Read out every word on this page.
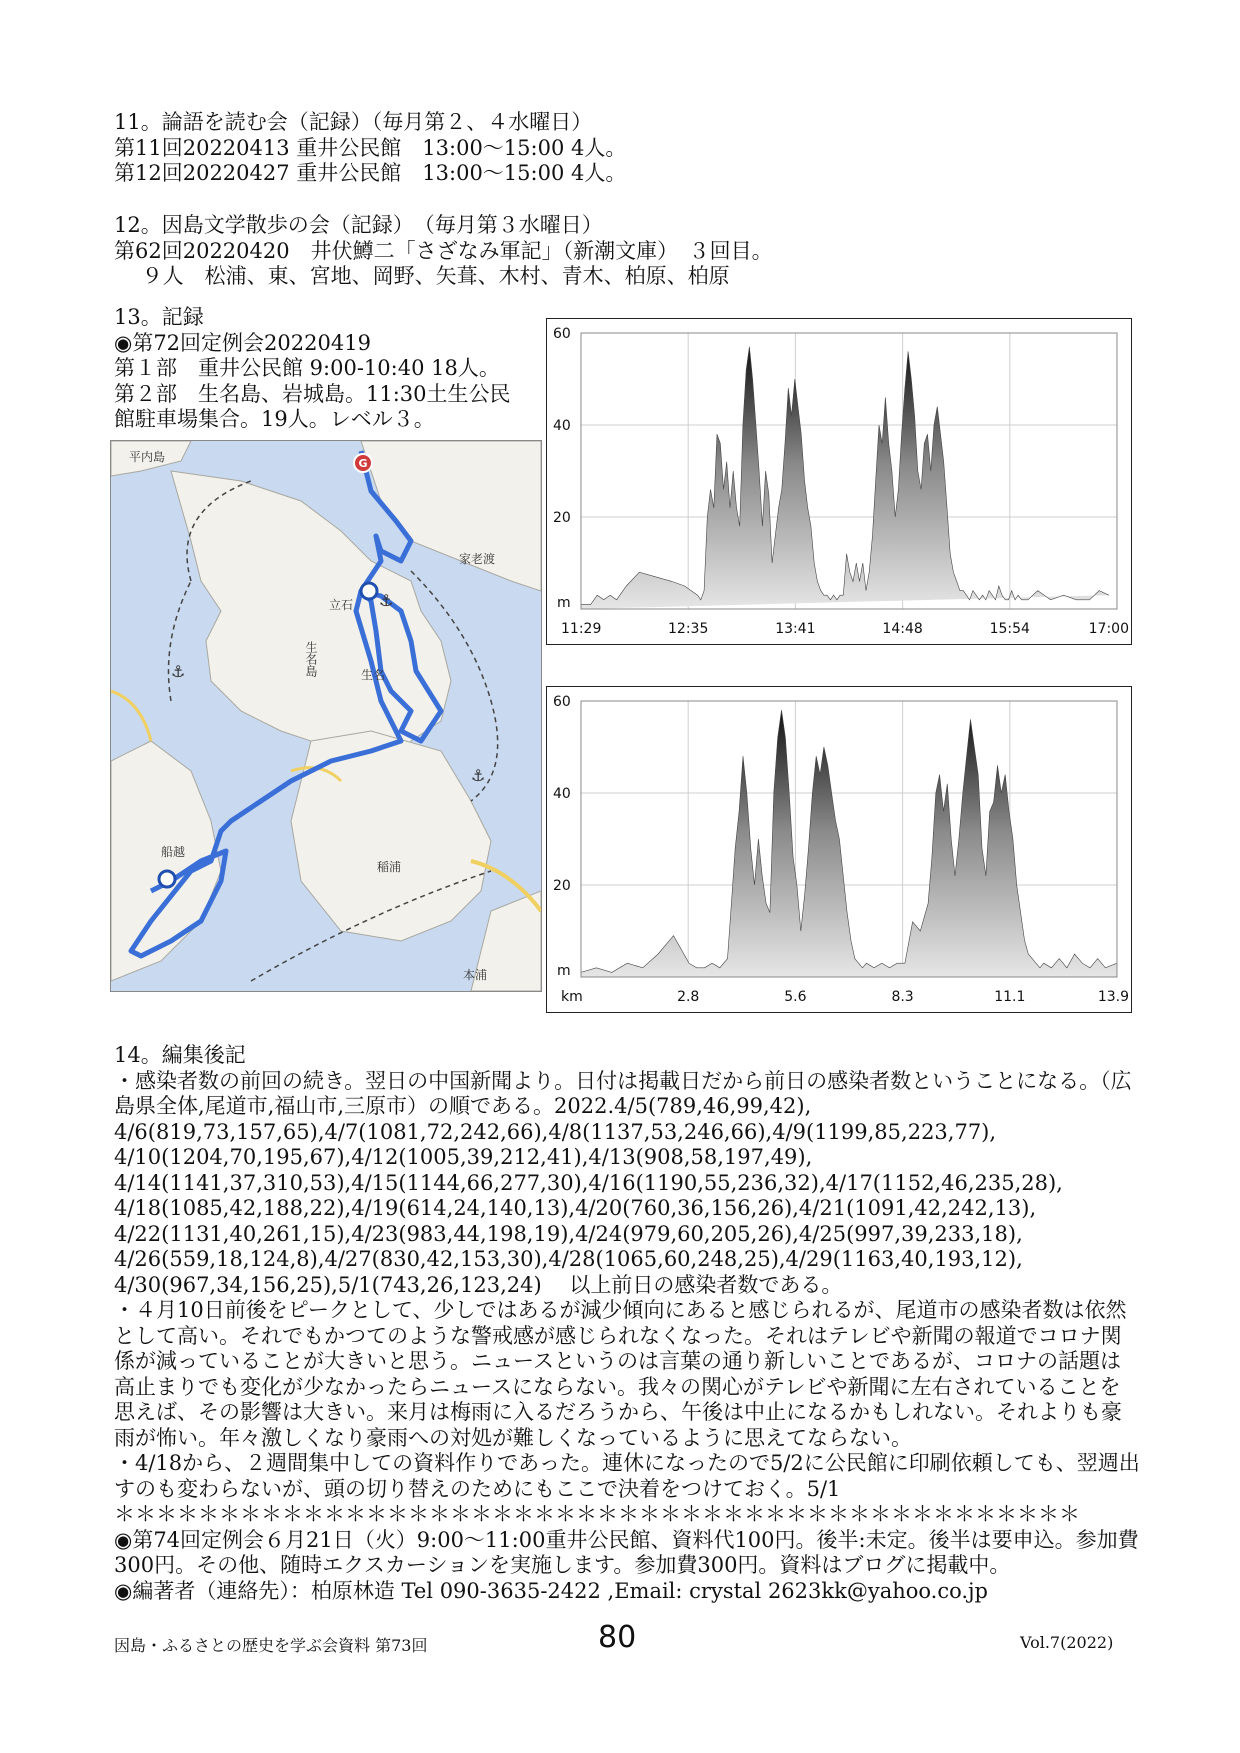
11。論語を読む会（記録）（毎月第２、４水曜日）
第11回20220413 重井公民館　13:00〜15:00 4人。
第12回20220427 重井公民館　13:00〜15:00 4人。
12。因島文学散歩の会（記録）　（毎月第３水曜日）
第62回20220420　井伏鱒二「さざなみ軍記」（新潮文庫）　３回目。
　 ９人　松浦、東、宮地、岡野、矢葺、木村、青木、柏原、柏原
13。記録
◉第72回定例会20220419
第１部　重井公民館 9:00-10:40 18人。
第２部　生名島、岩城島。11:30土生公民
館駐車場集合。19人。レベル３。
G
⚓
⚓
⚓
平内島
家老渡
立石
生名島	生名
船越
稲浦
本浦
60
40
20
m
11:29	12:35	13:41	14:48	15:54	17:00
60
40
20
m
km	2.8	5.6	8.3	11.1	13.9
14。編集後記
・感染者数の前回の続き。翌日の中国新聞より。日付は掲載日だから前日の感染者数ということになる。（広
島県全体,尾道市,福山市,三原市）の順である。2022.4/5(789,46,99,42),
4/6(819,73,157,65),4/7(1081,72,242,66),4/8(1137,53,246,66),4/9(1199,85,223,77),
4/10(1204,70,195,67),4/12(1005,39,212,41),4/13(908,58,197,49),
4/14(1141,37,310,53),4/15(1144,66,277,30),4/16(1190,55,236,32),4/17(1152,46,235,28),
4/18(1085,42,188,22),4/19(614,24,140,13),4/20(760,36,156,26),4/21(1091,42,242,13),
4/22(1131,40,261,15),4/23(983,44,198,19),4/24(979,60,205,26),4/25(997,39,233,18),
4/26(559,18,124,8),4/27(830,42,153,30),4/28(1065,60,248,25),4/29(1163,40,193,12),
4/30(967,34,156,25),5/1(743,26,123,24)　 以上前日の感染者数である。
・４月10日前後をピークとして、少しではあるが減少傾向にあると感じられるが、尾道市の感染者数は依然
として高い。それでもかつてのような警戒感が感じられなくなった。それはテレビや新聞の報道でコロナ関
係が減っていることが大きいと思う。ニュースというのは言葉の通り新しいことであるが、コロナの話題は
高止まりでも変化が少なかったらニュースにならない。我々の関心がテレビや新聞に左右されていることを
思えば、その影響は大きい。来月は梅雨に入るだろうから、午後は中止になるかもしれない。それよりも豪
雨が怖い。年々激しくなり豪雨への対処が難しくなっているように思えてならない。
・4/18から、２週間集中しての資料作りであった。連休になったので5/2に公民館に印刷依頼しても、翌週出
すのも変わらないが、頭の切り替えのためにもここで決着をつけておく。5/1
＊＊＊＊＊＊＊＊＊＊＊＊＊＊＊＊＊＊＊＊＊＊＊＊＊＊＊＊＊＊＊＊＊＊＊＊＊＊＊＊＊＊＊＊＊＊
◉第74回定例会６月21日（火）9:00〜11:00重井公民館、資料代100円。後半:未定。後半は要申込。参加費
300円。その他、随時エクスカーションを実施します。参加費300円。資料はブログに掲載中。
◉編著者（連絡先）：柏原林造 Tel 090-3635-2422 ,Email: crystal 2623kk@yahoo.co.jp
因島・ふるさとの歴史を学ぶ会資料 第73回	80	Vol.7(2022)
